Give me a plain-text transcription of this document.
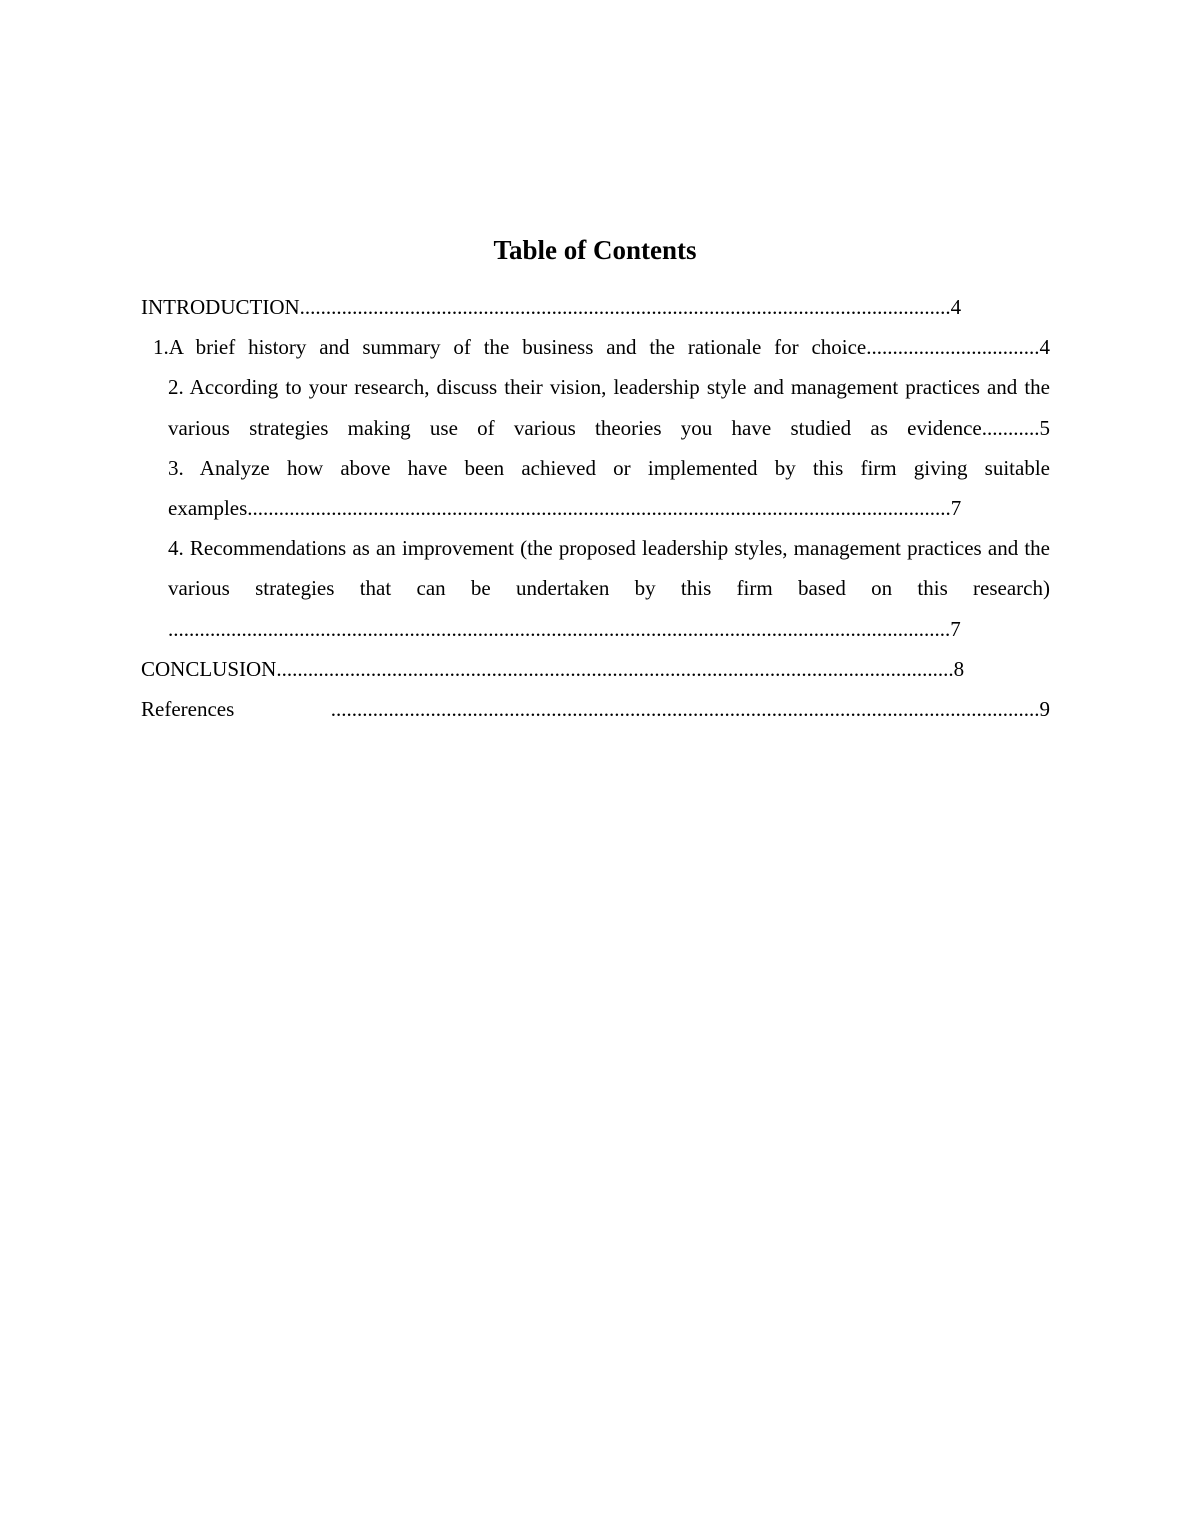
Table of Contents
INTRODUCTION............................................................................................................................4
1.A brief history and summary of the business and the rationale for choice.................................4
2. According to your research, discuss their vision, leadership style and management practices and the various strategies making use of various theories you have studied as evidence...........5
3. Analyze how above have been achieved or implemented by this firm giving suitable examples......................................................................................................................................7
4. Recommendations as an improvement (the proposed leadership styles, management practices and the various strategies that can be undertaken by this firm based on this research) .....................................................................................................................................................7
CONCLUSION.................................................................................................................................8
References .......................................................................................................................................9
